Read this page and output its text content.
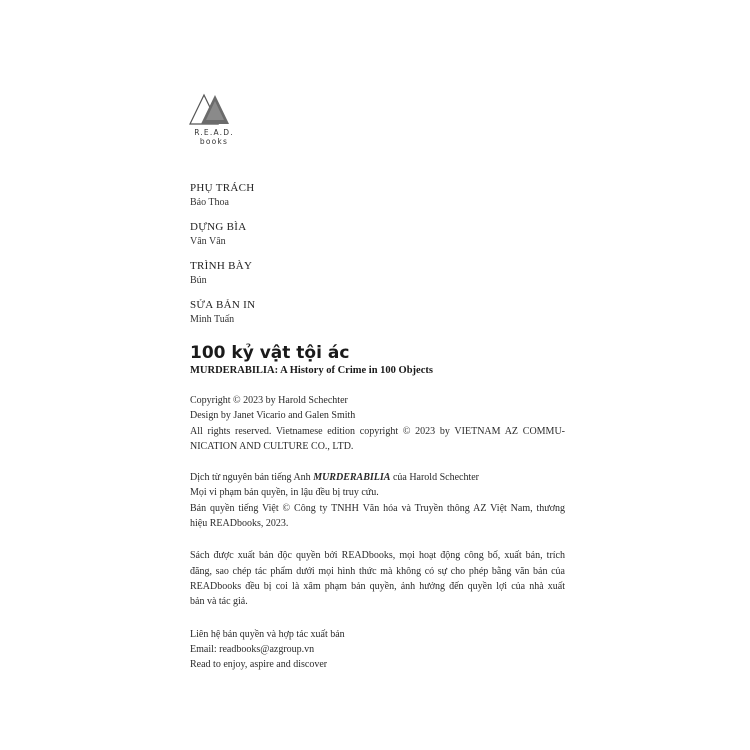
R.E.A.D.
books
PHỤ TRÁCH
Bảo Thoa
DỰNG BÌA
Vân Vân
TRÌNH BÀY
Bún
SỬA BẢN IN
Minh Tuấn
100 kỷ vật tội ác
MURDERABILIA: A History of Crime in 100 Objects

Copyright © 2023 by Harold Schechter

Design by Janet Vicario and Galen Smith

All rights reserved. Vietnamese edition copyright © 2023 by VIETNAM AZ COMMU-

NICATION AND CULTURE CO., LTD.

Dịch từ nguyên bản tiếng Anh MURDERABILIA của Harold Schechter

Mọi vi phạm bản quyền, in lậu đều bị truy cứu.

Bản quyền tiếng Việt © Công ty TNHH Văn hóa và Truyền thông AZ Việt Nam, thương

hiệu READbooks, 2023.

Sách được xuất bản độc quyền bởi READbooks, mọi hoạt động công bố, xuất bản, trích

đăng, sao chép tác phẩm dưới mọi hình thức mà không có sự cho phép bằng văn bản của

READbooks đều bị coi là xâm phạm bản quyền, ảnh hưởng đến quyền lợi của nhà xuất

bản và tác giả.

Liên hệ bản quyền và hợp tác xuất bản

Email: readbooks@azgroup.vn

Read to enjoy, aspire and discover
